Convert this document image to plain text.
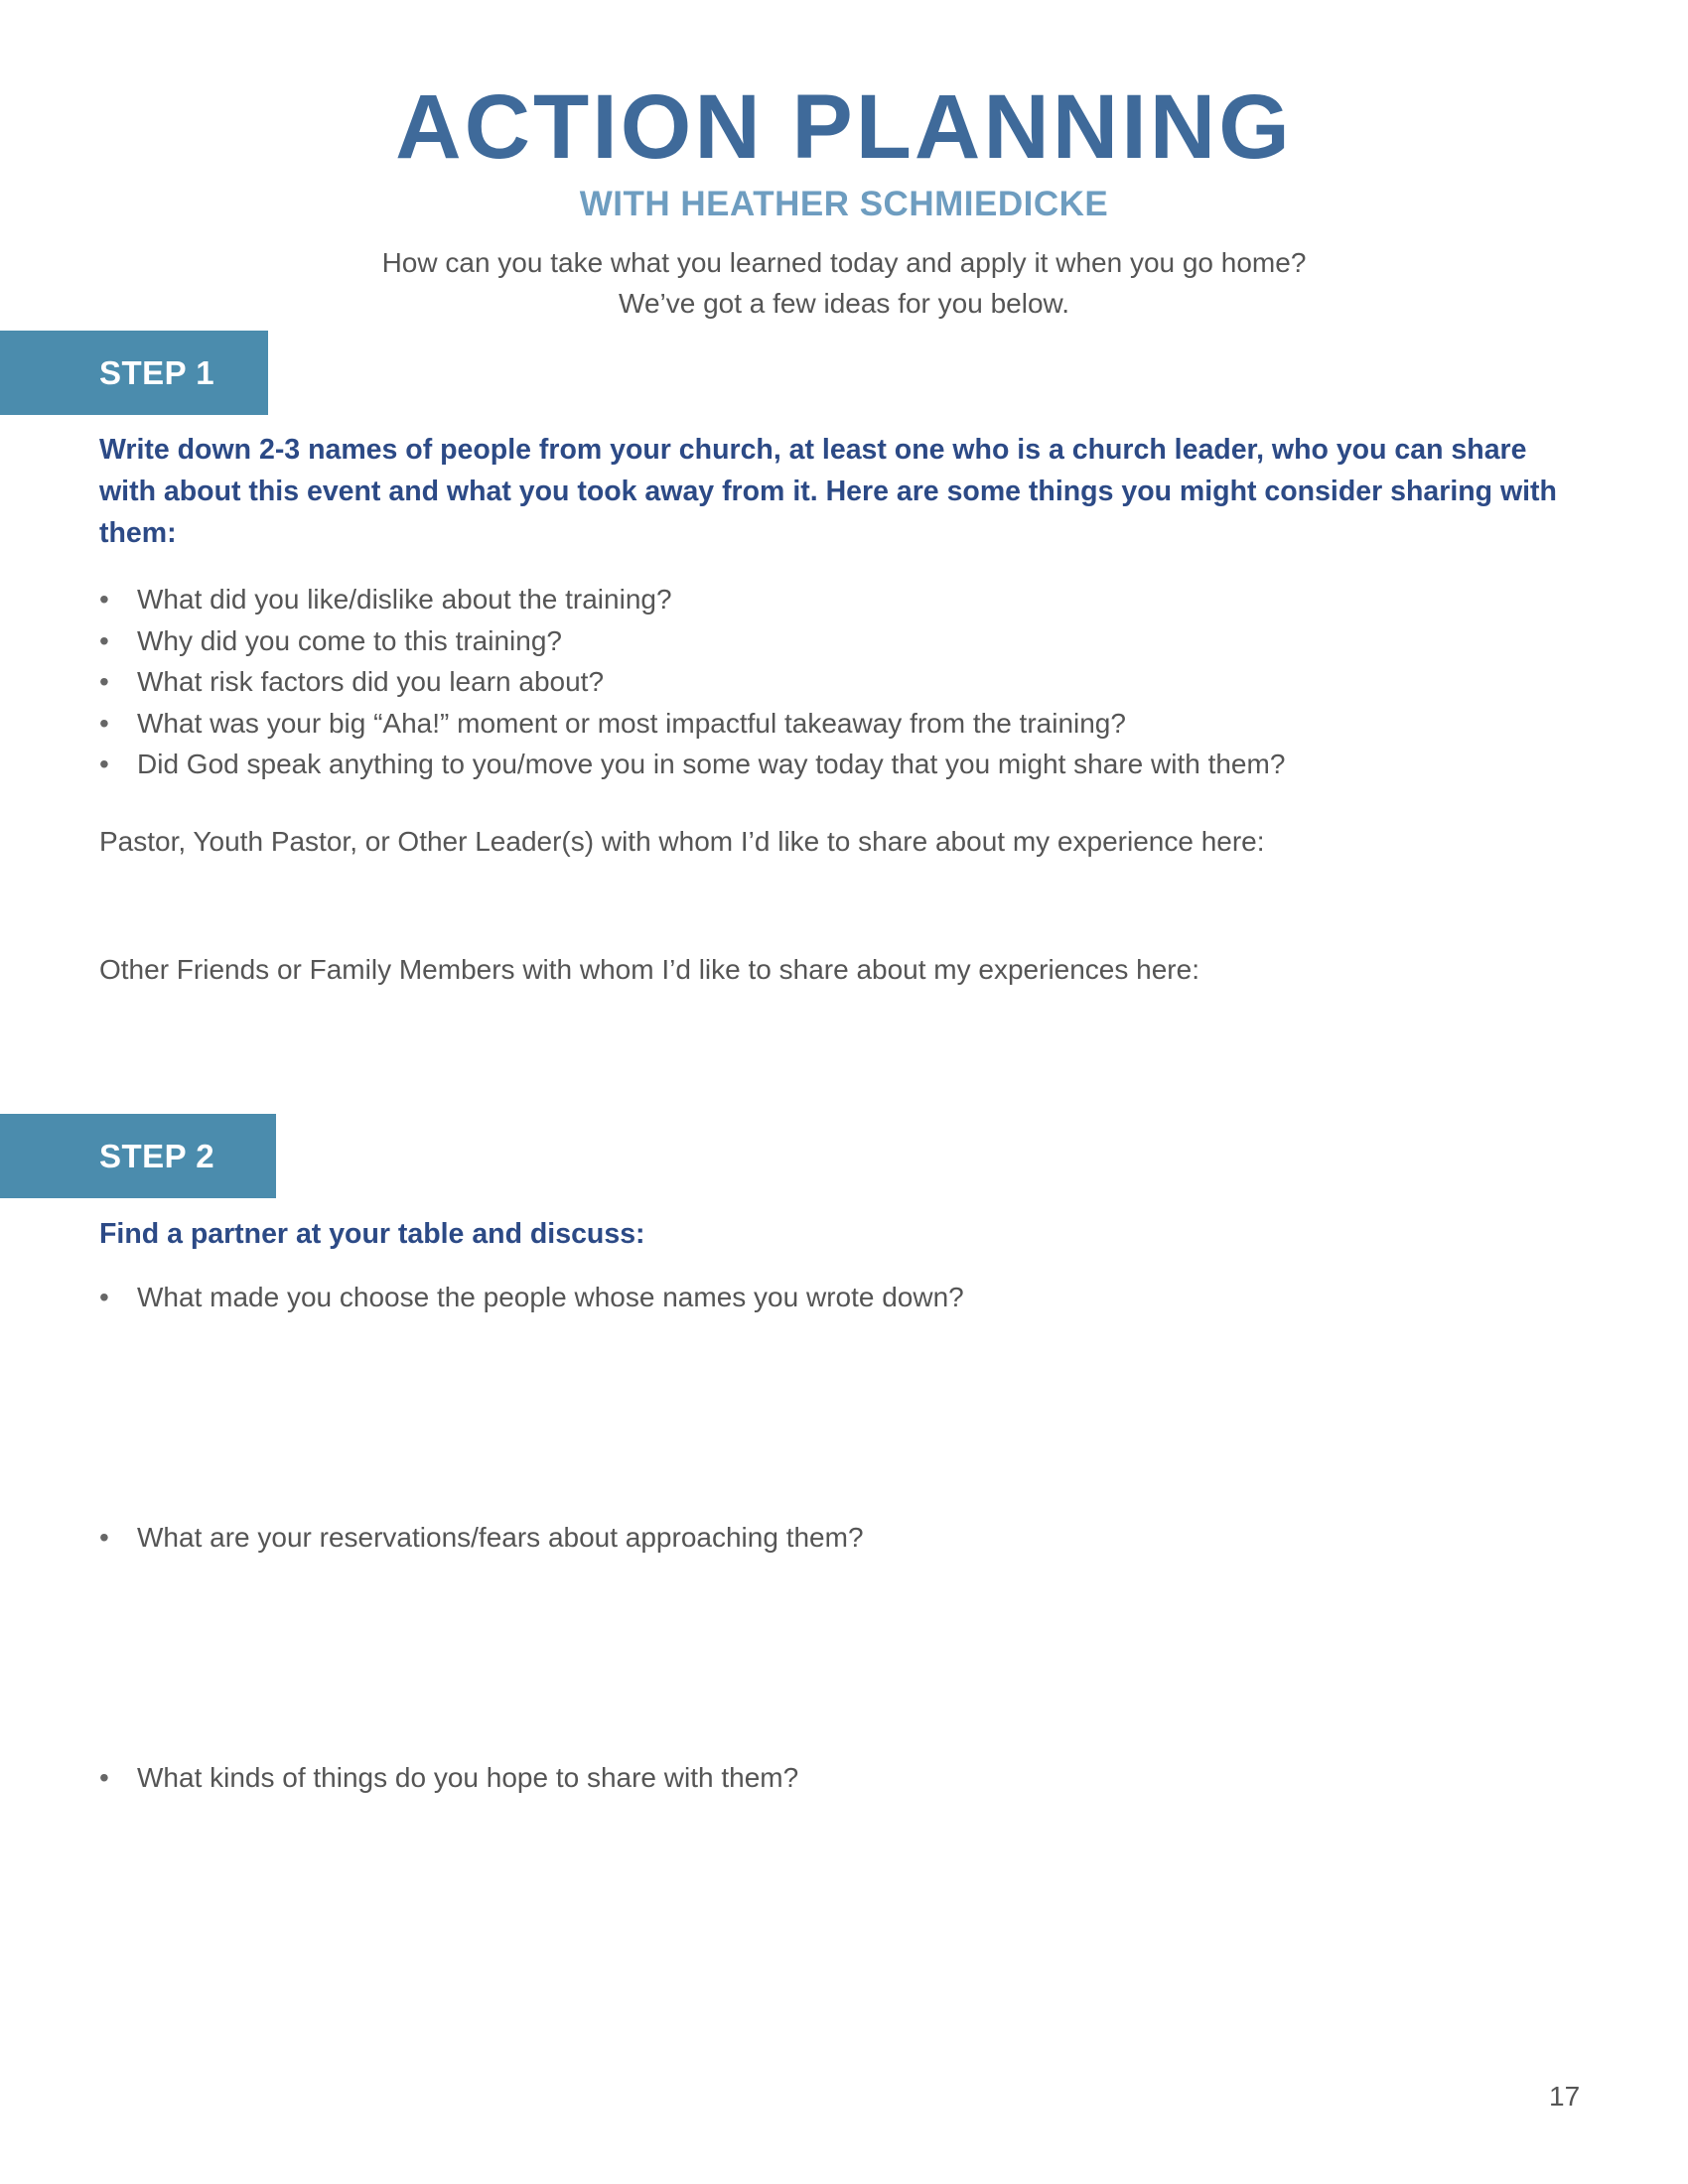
ACTION PLANNING
WITH HEATHER SCHMIEDICKE
How can you take what you learned today and apply it when you go home?
We’ve got a few ideas for you below.
STEP 1

Write down 2-3 names of people from your church, at least one who is a church leader, who you can share with about this event and what you took away from it. Here are some things you might consider sharing with them:

• What did you like/dislike about the training?
• Why did you come to this training?
• What risk factors did you learn about?
• What was your big “Aha!” moment or most impactful takeaway from the training?
• Did God speak anything to you/move you in some way today that you might share with them?

Pastor, Youth Pastor, or Other Leader(s) with whom I’d like to share about my experience here:

Other Friends or Family Members with whom I’d like to share about my experiences here:

STEP 2

Find a partner at your table and discuss:

• What made you choose the people whose names you wrote down?
• What are your reservations/fears about approaching them?
• What kinds of things do you hope to share with them?
17
